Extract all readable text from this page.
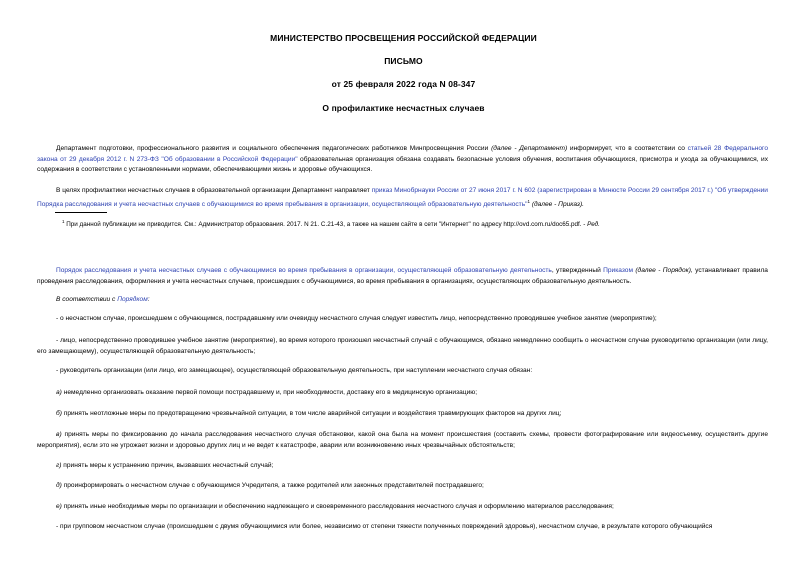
МИНИСТЕРСТВО ПРОСВЕЩЕНИЯ РОССИЙСКОЙ ФЕДЕРАЦИИ
ПИСЬМО
от 25 февраля 2022 года N 08-347
О профилактике несчастных случаев
Департамент подготовки, профессионального развития и социального обеспечения педагогических работников Минпросвещения России (далее - Департамент) информирует, что в соответствии со статьей 28 Федерального закона от 29 декабря 2012 г. N 273-ФЗ "Об образовании в Российской Федерации" образовательная организация обязана создавать безопасные условия обучения, воспитания обучающихся, присмотра и ухода за обучающимися, их содержания в соответствии с установленными нормами, обеспечивающими жизнь и здоровье обучающихся.
В целях профилактики несчастных случаев в образовательной организации Департамент направляет приказ Минобрнауки России от 27 июня 2017 г. N 602 (зарегистрирован в Минюсте России 29 сентября 2017 г.) "Об утверждении Порядка расследования и учета несчастных случаев с обучающимися во время пребывания в организации, осуществляющей образовательную деятельность"$^1$ (далее - Приказ).
$^1$ При данной публикации не приводится. См.: Администратор образования. 2017. N 21. С.21-43, а также на нашем сайте в сети "Интернет" по адресу http://ovd.com.ru/doc65.pdf. - Ред.
Порядок расследования и учета несчастных случаев с обучающимися во время пребывания в организации, осуществляющей образовательную деятельность, утвержденный Приказом (далее - Порядок), устанавливает правила проведения расследования, оформления и учета несчастных случаев, происшедших с обучающимися, во время пребывания в организациях, осуществляющих образовательную деятельность.
В соответствии с Порядком:
- о несчастном случае, происшедшем с обучающимся, пострадавшему или очевидцу несчастного случая следует известить лицо, непосредственно проводившее учебное занятие (мероприятие);
- лицо, непосредственно проводившее учебное занятие (мероприятие), во время которого произошел несчастный случай с обучающимся, обязано немедленно сообщить о несчастном случае руководителю организации (или лицу, его замещающему), осуществляющей образовательную деятельность;
- руководитель организации (или лицо, его замещающее), осуществляющей образовательную деятельность, при наступлении несчастного случая обязан:
а) немедленно организовать оказание первой помощи пострадавшему и, при необходимости, доставку его в медицинскую организацию;
б) принять неотложные меры по предотвращению чрезвычайной ситуации, в том числе аварийной ситуации и воздействия травмирующих факторов на других лиц;
в) принять меры по фиксированию до начала расследования несчастного случая обстановки, какой она была на момент происшествия (составить схемы, провести фотографирование или видеосъемку, осуществить другие мероприятия), если это не угрожает жизни и здоровью других лиц и не ведет к катастрофе, аварии или возникновению иных чрезвычайных обстоятельств;
г) принять меры к устранению причин, вызвавших несчастный случай;
д) проинформировать о несчастном случае с обучающимся Учредителя, а также родителей или законных представителей пострадавшего;
е) принять иные необходимые меры по организации и обеспечению надлежащего и своевременного расследования несчастного случая и оформлению материалов расследования;
- при групповом несчастном случае (происшедшем с двумя обучающимися или более, независимо от степени тяжести полученных повреждений здоровья), несчастном случае, в результате которого обучающийся
